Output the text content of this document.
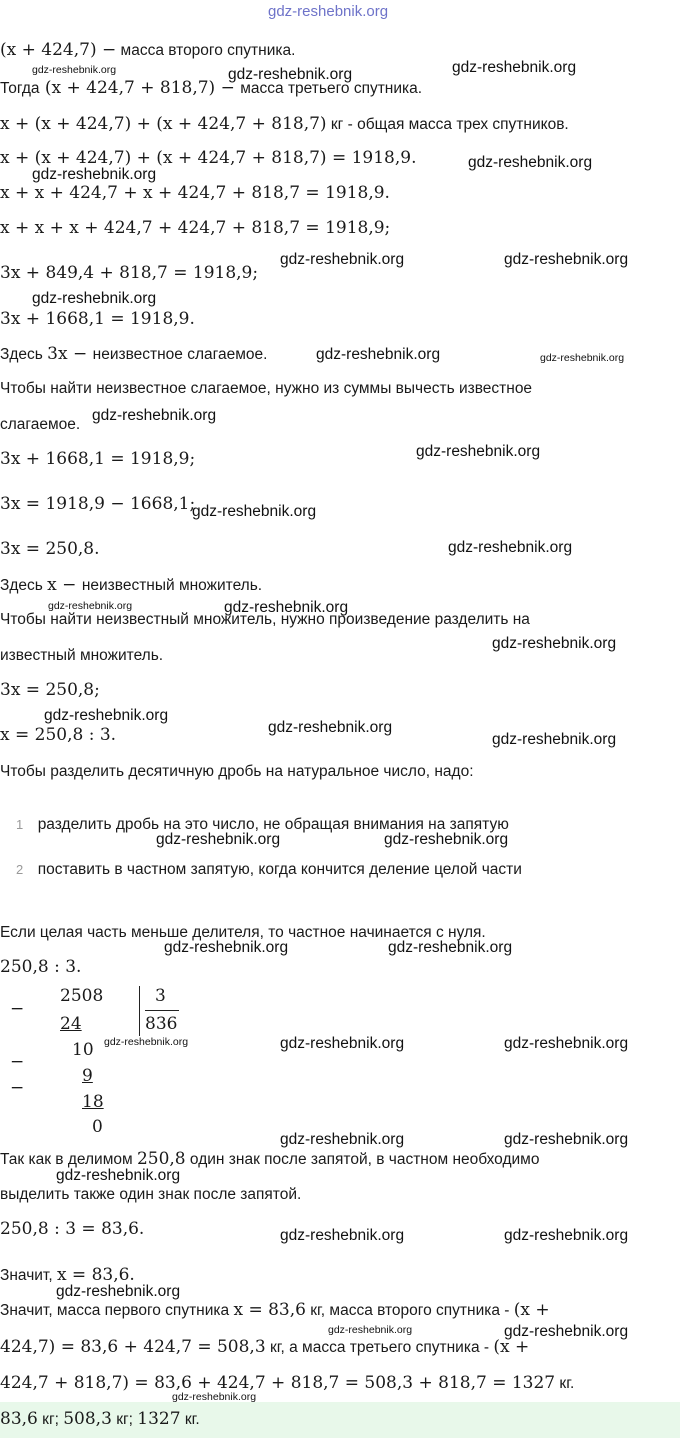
gdz-reshebnik.org
(x + 424,7) − масса второго спутника.
gdz-reshebnik.org	gdz-reshebnik.org	gdz-reshebnik.org
Тогда (x + 424,7 + 818,7) − масса третьего спутника.
x + (x + 424,7) + (x + 424,7 + 818,7) кг - общая масса трех спутников.
x + (x + 424,7) + (x + 424,7 + 818,7) = 1918,9.	gdz-reshebnik.org
gdz-reshebnik.org
x + x + 424,7 + x + 424,7 + 818,7 = 1918,9.
x + x + x + 424,7 + 424,7 + 818,7 = 1918,9;
gdz-reshebnik.org	gdz-reshebnik.org
3x + 849,4 + 818,7 = 1918,9;
gdz-reshebnik.org
3x + 1668,1 = 1918,9.
Здесь 3x − неизвестное слагаемое.	gdz-reshebnik.org	gdz-reshebnik.org
Чтобы найти неизвестное слагаемое, нужно из суммы вычесть известное
gdz-reshebnik.org
слагаемое.
gdz-reshebnik.org
3x + 1668,1 = 1918,9;
3x = 1918,9 − 1668,1;
gdz-reshebnik.org
3x = 250,8.	gdz-reshebnik.org
Здесь x − неизвестный множитель.
gdz-reshebnik.org	gdz-reshebnik.org
Чтобы найти неизвестный множитель, нужно произведение разделить на
gdz-reshebnik.org
известный множитель.
3x = 250,8;
gdz-reshebnik.org
gdz-reshebnik.org
x = 250,8 : 3.	gdz-reshebnik.org
Чтобы разделить десятичную дробь на натуральное число, надо:
1 разделить дробь на это число, не обращая внимания на запятую
gdz-reshebnik.org	gdz-reshebnik.org
2 поставить в частном запятую, когда кончится деление целой части
Если целая часть меньше делителя, то частное начинается с нуля.
gdz-reshebnik.org	gdz-reshebnik.org
250,8 : 3.
−
2508	3
836
24
10 gdz-reshebnik.org	gdz-reshebnik.org	gdz-reshebnik.org
−
−
9
18
0
gdz-reshebnik.org	gdz-reshebnik.org
Так как в делимом 250,8 один знак после запятой, в частном необходимо
gdz-reshebnik.org
выделить также один знак после запятой.
250,8 : 3 = 83,6.	gdz-reshebnik.org	gdz-reshebnik.org
Значит, x = 83,6.
gdz-reshebnik.org
Значит, масса первого спутника x = 83,6 кг, масса второго спутника - (x +
gdz-reshebnik.org	gdz-reshebnik.org
424,7) = 83,6 + 424,7 = 508,3 кг, а масса третьего спутника - (x +
424,7 + 818,7) = 83,6 + 424,7 + 818,7 = 508,3 + 818,7 = 1327 кг.
gdz-reshebnik.org
83,6 кг; 508,3 кг; 1327 кг.
